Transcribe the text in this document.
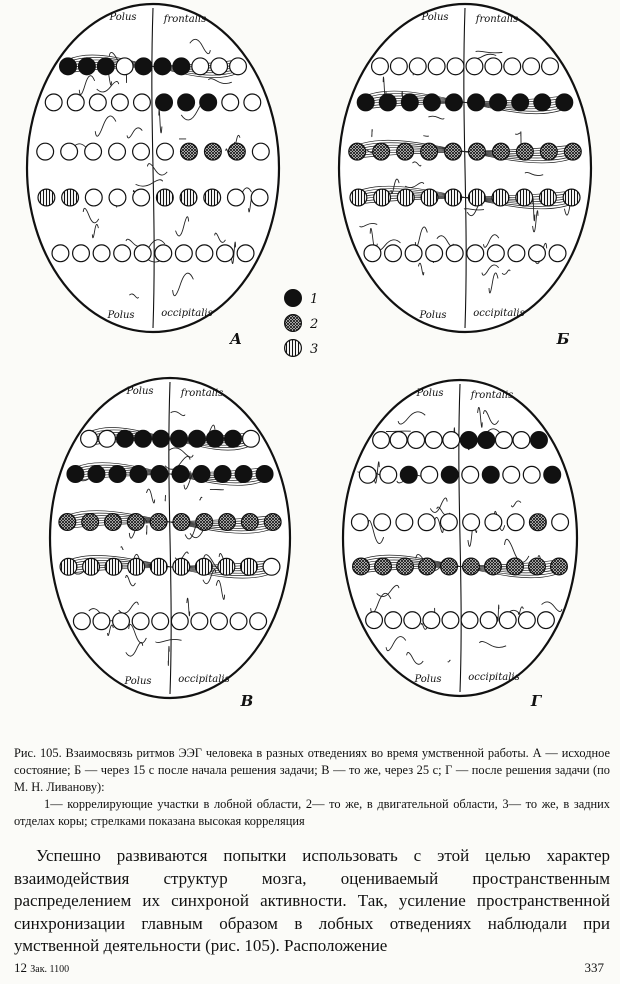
Polus	frontalis
Polus	occipitalis
А
Polus	frontalis
Polus	occipitalis
Б
Polus	frontalis
Polus	occipitalis
В
Polus	frontalis
Polus	occipitalis
Г
1
2
3

Рис. 105. Взаимосвязь ритмов ЭЭГ человека в разных отведениях во время умственной работы. А — исходное состояние; Б — через 15 с после начала решения задачи; В — то же, через 25 с; Г — после решения задачи (по М. Н. Ливанову):

1— коррелирующие участки в лобной области, 2— то же, в двигательной области, 3— то же, в задних отделах коры; стрелками показана высокая корреляция

Успешно развиваются попытки использовать с этой целью характер взаимодействия структур мозга, оцениваемый пространственным распределением их синхроной активности. Так, усиление пространственной синхронизации главным образом в лобных отведениях наблюдали при умственной деятельности (рис. 105). Расположение

12 Зак. 1100	337
